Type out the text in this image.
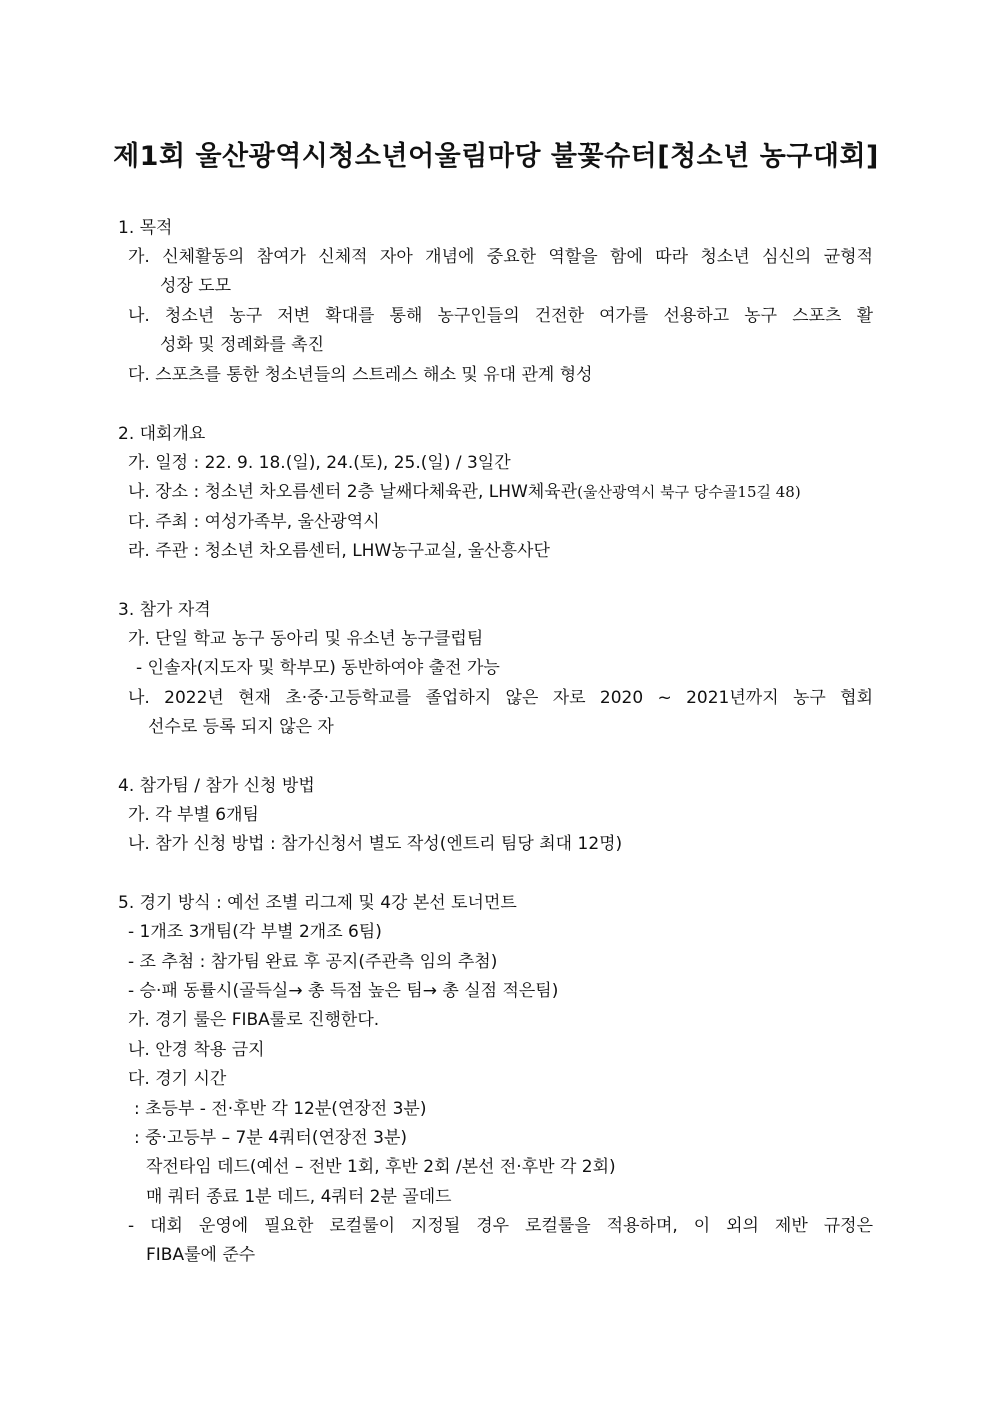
제1회 울산광역시청소년어울림마당 불꽃슈터[청소년 농구대회]
1. 목적
가. 신체활동의 참여가 신체적 자아 개념에 중요한 역할을 함에 따라 청소년 심신의 균형적
성장 도모
나. 청소년 농구 저변 확대를 통해 농구인들의 건전한 여가를 선용하고 농구 스포츠 활
성화 및 정례화를 촉진
다. 스포츠를 통한 청소년들의 스트레스 해소 및 유대 관계 형성
2. 대회개요
가. 일정 : 22. 9. 18.(일), 24.(토), 25.(일) / 3일간
나. 장소 : 청소년 차오름센터 2층 날쌔다체육관, LHW체육관(울산광역시 북구 당수골15길 48)
다. 주최 : 여성가족부, 울산광역시
라. 주관 : 청소년 차오름센터, LHW농구교실, 울산흥사단
3. 참가 자격
가. 단일 학교 농구 동아리 및 유소년 농구클럽팀
- 인솔자(지도자 및 학부모) 동반하여야 출전 가능
나. 2022년 현재 초·중·고등학교를 졸업하지 않은 자로 2020 ~ 2021년까지 농구 협회
선수로 등록 되지 않은 자
4. 참가팀 / 참가 신청 방법
가. 각 부별 6개팀
나. 참가 신청 방법 : 참가신청서 별도 작성(엔트리 팀당 최대 12명)
5. 경기 방식 : 예선 조별 리그제 및 4강 본선 토너먼트
- 1개조 3개팀(각 부별 2개조 6팀)
- 조 추첨 : 참가팀 완료 후 공지(주관측 임의 추첨)
- 승·패 동률시(골득실→ 총 득점 높은 팀→ 총 실점 적은팀)
가. 경기 룰은 FIBA룰로 진행한다.
나. 안경 착용 금지
다. 경기 시간
: 초등부 - 전·후반 각 12분(연장전 3분)
: 중·고등부 – 7분 4쿼터(연장전 3분)
작전타임 데드(예선 – 전반 1회, 후반 2회 /본선 전·후반 각 2회)
매 쿼터 종료 1분 데드, 4쿼터 2분 골데드
- 대회 운영에 필요한 로컬룰이 지정될 경우 로컬룰을 적용하며, 이 외의 제반 규정은
FIBA룰에 준수
